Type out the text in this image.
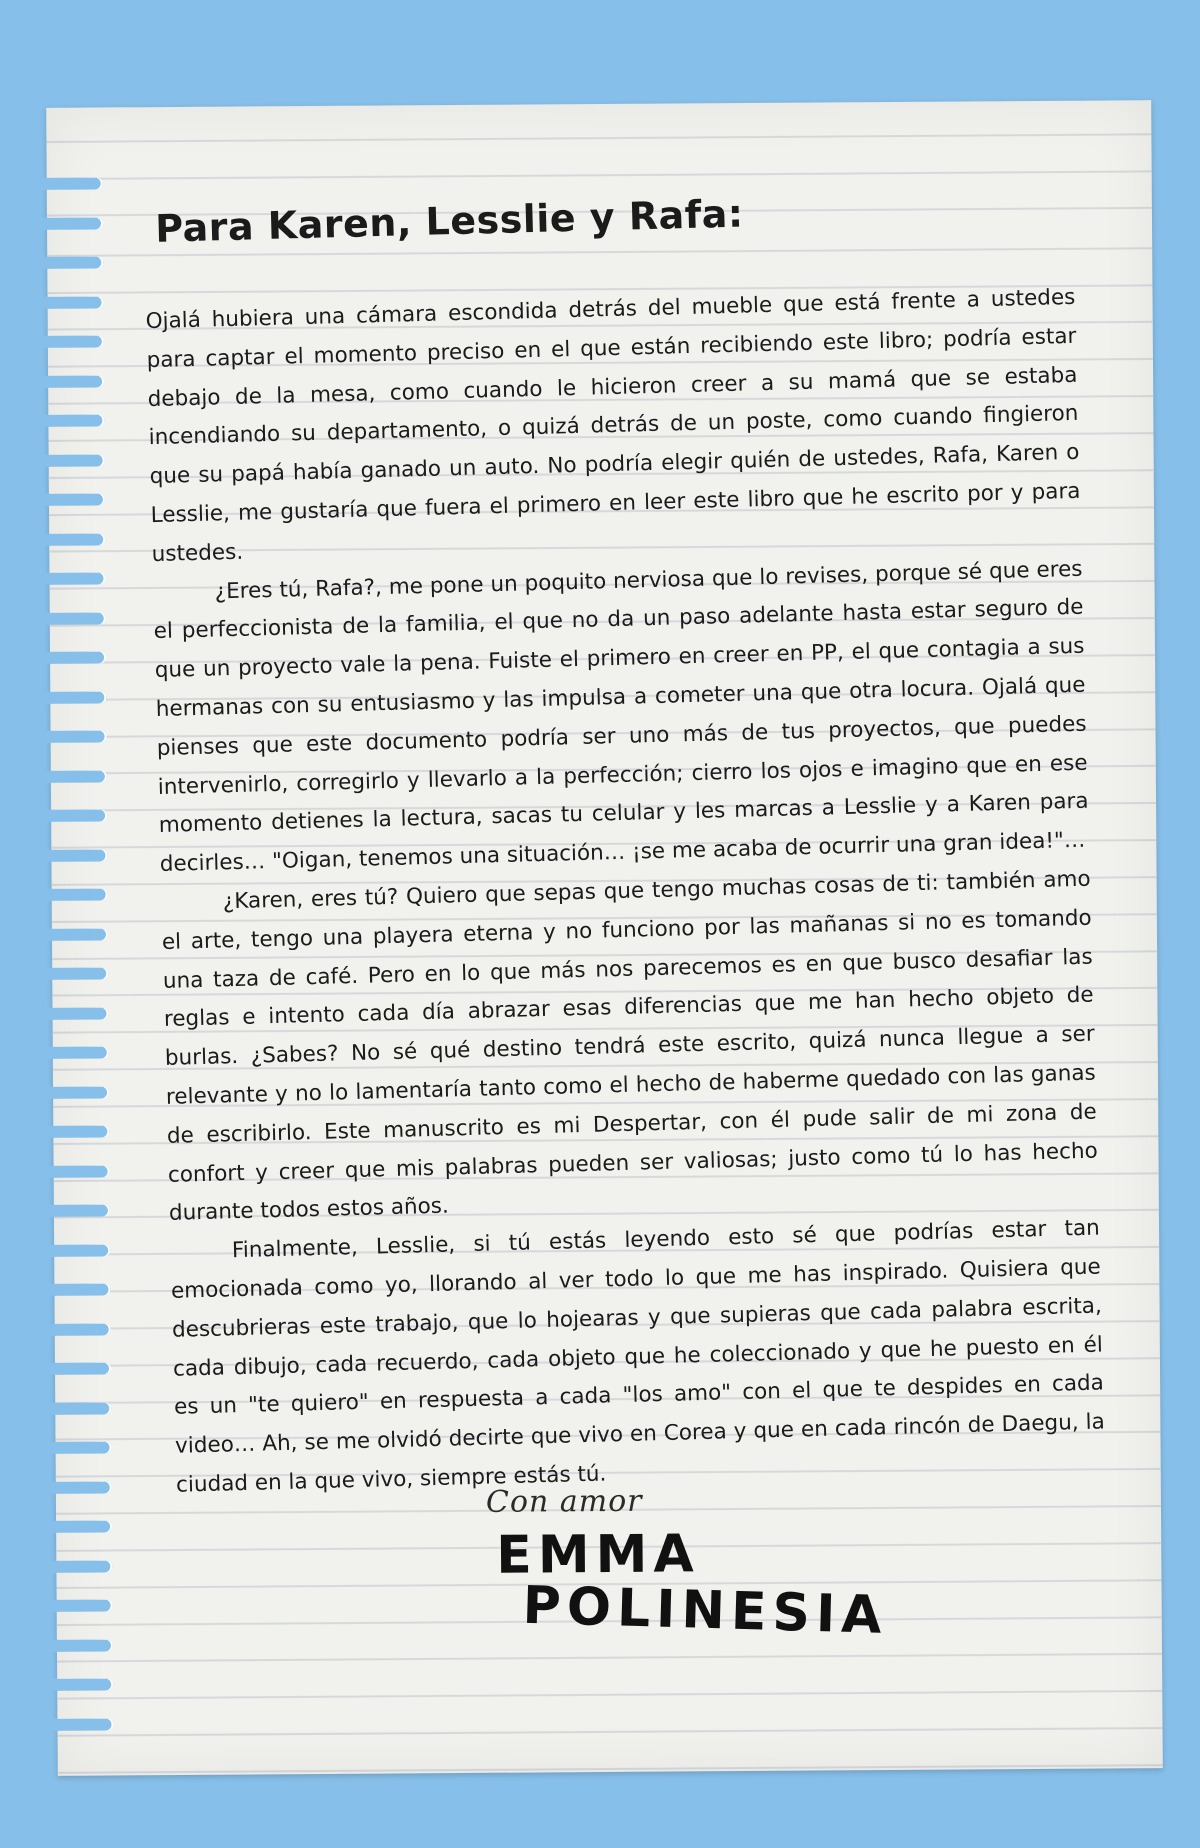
Para Karen, Lesslie y Rafa:

Ojalá hubiera una cámara escondida detrás del mueble que está frente a ustedes para captar el momento preciso en el que están recibiendo este libro; podría estar debajo de la mesa, como cuando le hicieron creer a su mamá que se estaba incendiando su departamento, o quizá detrás de un poste, como cuando fingieron que su papá había ganado un auto. No podría elegir quién de ustedes, Rafa, Karen o Lesslie, me gustaría que fuera el primero en leer este libro que he escrito por y para ustedes.

¿Eres tú, Rafa?, me pone un poquito nerviosa que lo revises, porque sé que eres el perfeccionista de la familia, el que no da un paso adelante hasta estar seguro de que un proyecto vale la pena. Fuiste el primero en creer en PP, el que contagia a sus hermanas con su entusiasmo y las impulsa a cometer una que otra locura. Ojalá que pienses que este documento podría ser uno más de tus proyectos, que puedes intervenirlo, corregirlo y llevarlo a la perfección; cierro los ojos e imagino que en ese momento detienes la lectura, sacas tu celular y les marcas a Lesslie y a Karen para decirles… "Oigan, tenemos una situación… ¡se me acaba de ocurrir una gran idea!"…

¿Karen, eres tú? Quiero que sepas que tengo muchas cosas de ti: también amo el arte, tengo una playera eterna y no funciono por las mañanas si no es tomando una taza de café. Pero en lo que más nos parecemos es en que busco desafiar las reglas e intento cada día abrazar esas diferencias que me han hecho objeto de burlas. ¿Sabes? No sé qué destino tendrá este escrito, quizá nunca llegue a ser relevante y no lo lamentaría tanto como el hecho de haberme quedado con las ganas de escribirlo. Este manuscrito es mi Despertar, con él pude salir de mi zona de confort y creer que mis palabras pueden ser valiosas; justo como tú lo has hecho durante todos estos años.

Finalmente, Lesslie, si tú estás leyendo esto sé que podrías estar tan emocionada como yo, llorando al ver todo lo que me has inspirado. Quisiera que descubrieras este trabajo, que lo hojearas y que supieras que cada palabra escrita, cada dibujo, cada recuerdo, cada objeto que he coleccionado y que he puesto en él es un "te quiero" en respuesta a cada "los amo" con el que te despides en cada video… Ah, se me olvidó decirte que vivo en Corea y que en cada rincón de Daegu, la ciudad en la que vivo, siempre estás tú.

Con amor
EMMA
POLINESIA
